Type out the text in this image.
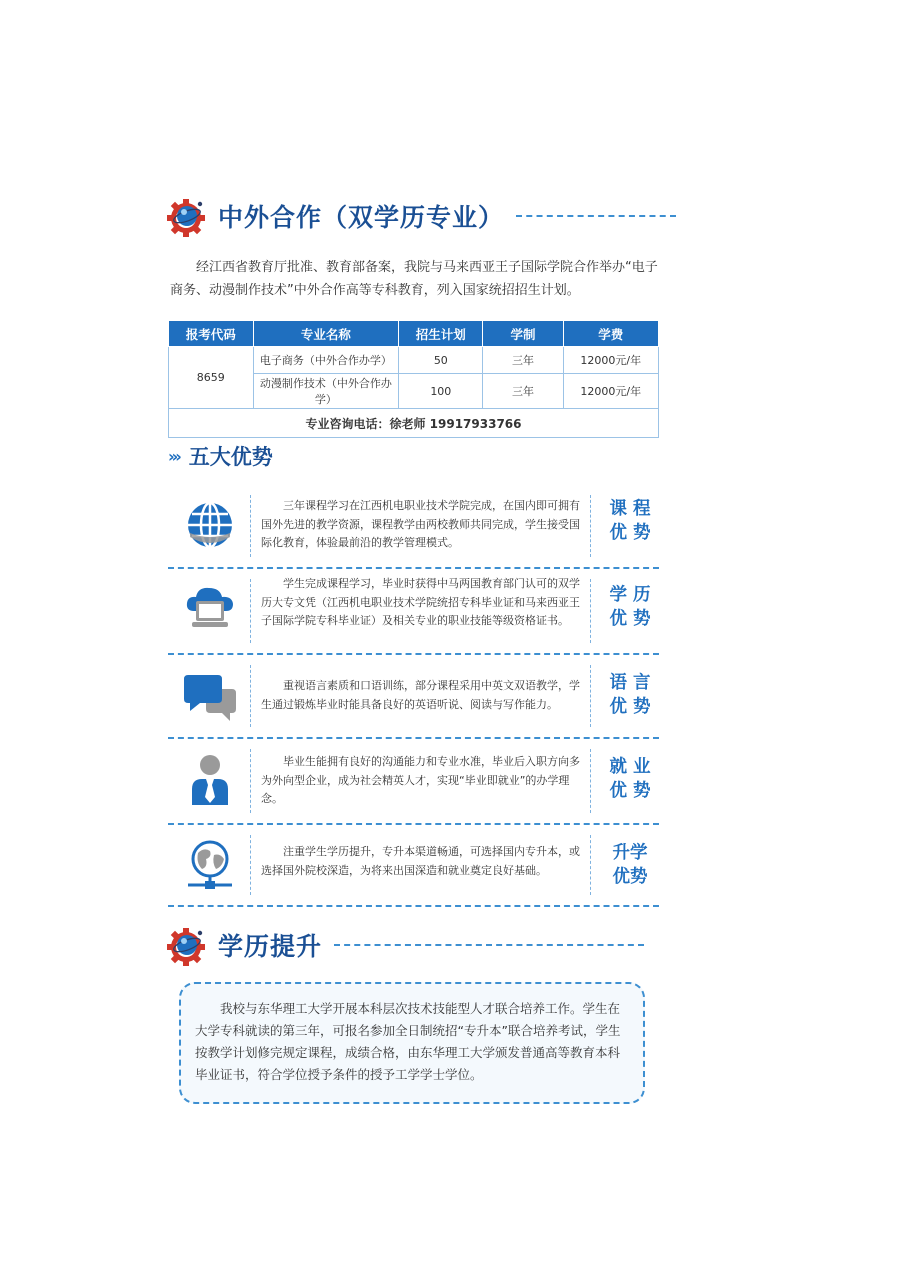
中外合作（双学历专业）
经江西省教育厅批准、教育部备案，我院与马来西亚王子国际学院合作举办“电子商务、动漫制作技术”中外合作高等专科教育，列入国家统招招生计划。
报考代码	专业名称	招生计划	学制	学费
8659	电子商务（中外合作办学）	50	三年	12000元/年
	动漫制作技术（中外合作办学）	100	三年	12000元/年
专业咨询电话：徐老师 19917933766				
››› 五大优势
三年课程学习在江西机电职业技术学院完成，在国内即可拥有国外先进的教学资源，课程教学由两校教师共同完成，学生接受国际化教育，体验最前沿的教学管理模式。
课 程
优 势
学生完成课程学习，毕业时获得中马两国教育部门认可的双学历大专文凭（江西机电职业技术学院统招专科毕业证和马来西亚王子国际学院专科毕业证）及相关专业的职业技能等级资格证书。
学 历
优 势
重视语言素质和口语训练，部分课程采用中英文双语教学，学生通过锻炼毕业时能具备良好的英语听说、阅读与写作能力。
语 言
优 势
毕业生能拥有良好的沟通能力和专业水准，毕业后入职方向多为外向型企业，成为社会精英人才，实现“毕业即就业”的办学理念。
就 业
优 势
注重学生学历提升，专升本渠道畅通，可选择国内专升本，或选择国外院校深造，为将来出国深造和就业奠定良好基础。
升学
优势
学历提升
我校与东华理工大学开展本科层次技术技能型人才联合培养工作。学生在大学专科就读的第三年，可报名参加全日制统招“专升本”联合培养考试，学生按教学计划修完规定课程，成绩合格，由东华理工大学颁发普通高等教育本科毕业证书，符合学位授予条件的授予工学学士学位。
